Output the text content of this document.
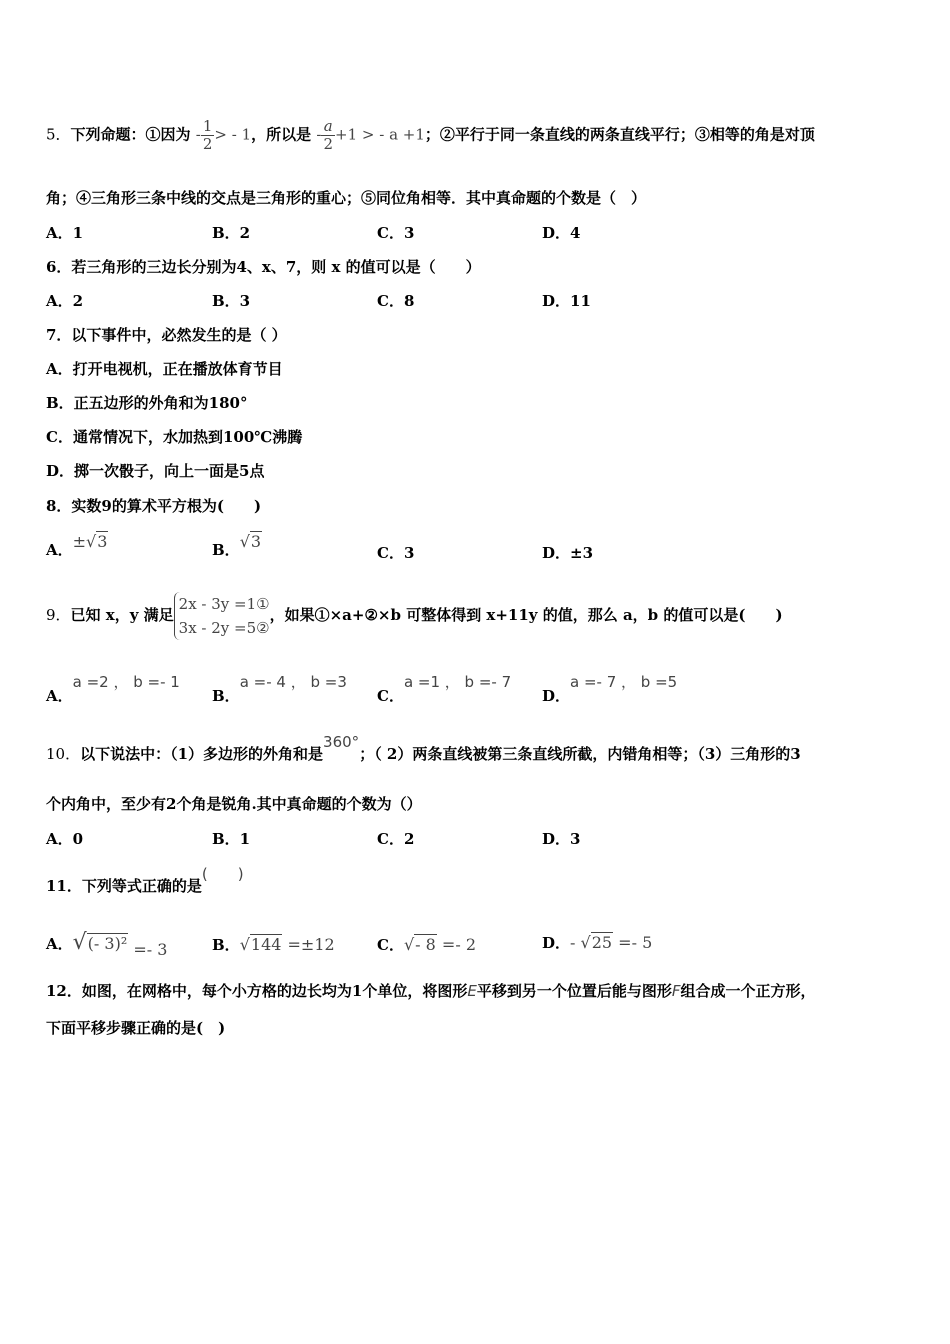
5．下列命题：①因为 - $\frac{1}{2}$ > - 1，所以是 - $\frac{a}{2} +1$ > - a +1；②平行于同一条直线的两条直线平行；③相等的角是对顶
角；④三角形三条中线的交点是三角形的重心；⑤同位角相等．其中真命题的个数是（　）
A．1	B．2	C．3	D．4
6．若三角形的三边长分别为4、x、7，则 x 的值可以是（　　）
A．2	B．3	C．8	D．11
7．以下事件中，必然发生的是（ ）
A．打开电视机，正在播放体育节目
B．正五边形的外角和为180°
C．通常情况下，水加热到100℃沸腾
D．掷一次骰子，向上一面是5点
8．实数9的算术平方根为(　　)
A．±√3	B．√3
C．3	D．±3
9．已知 x，y 满足
2x - 3y =1①
3x - 2y =5②
，如果①×a+②×b 可整体得到 x+11y 的值，那么 a，b 的值可以是(　　)
A．a =2 ， b =- 1
B．a =- 4 ， b =3
C．a =1 ， b =- 7
D．a =- 7 ， b =5
10．以下说法中：（1）多边形的外角和是360°；（ 2）两条直线被第三条直线所截，内错角相等；（3）三角形的3
个内角中，至少有2个角是锐角.其中真命题的个数为（）
A．0	B．1	C．2	D．3
11．下列等式正确的是(　　)
A．√(- 3)² =- 3	B．√144 =±12	C．√- 8 =- 2	D．- √25 =- 5
12．如图，在网格中，每个小方格的边长均为1个单位，将图形E平移到另一个位置后能与图形F组合成一个正方形，
下面平移步骤正确的是(　)
